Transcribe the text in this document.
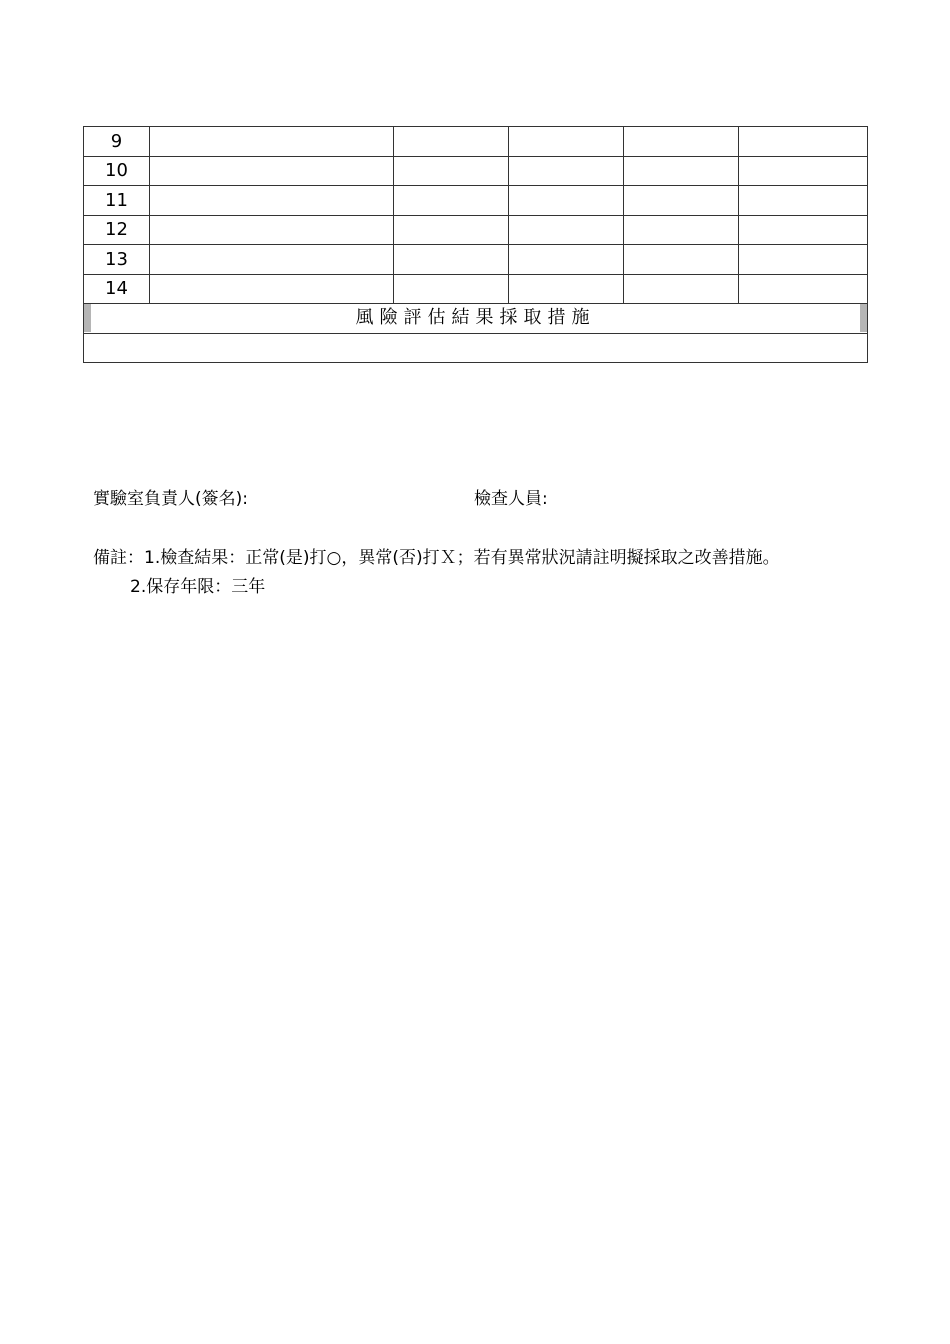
9					
10					
11					
12					
13					
14					

風險評估結果採取措施					

實驗室負責人(簽名):	檢查人員:
備註：1.檢查結果：正常(是)打○，異常(否)打Ｘ；若有異常狀況請註明擬採取之改善措施。
2.保存年限：三年
